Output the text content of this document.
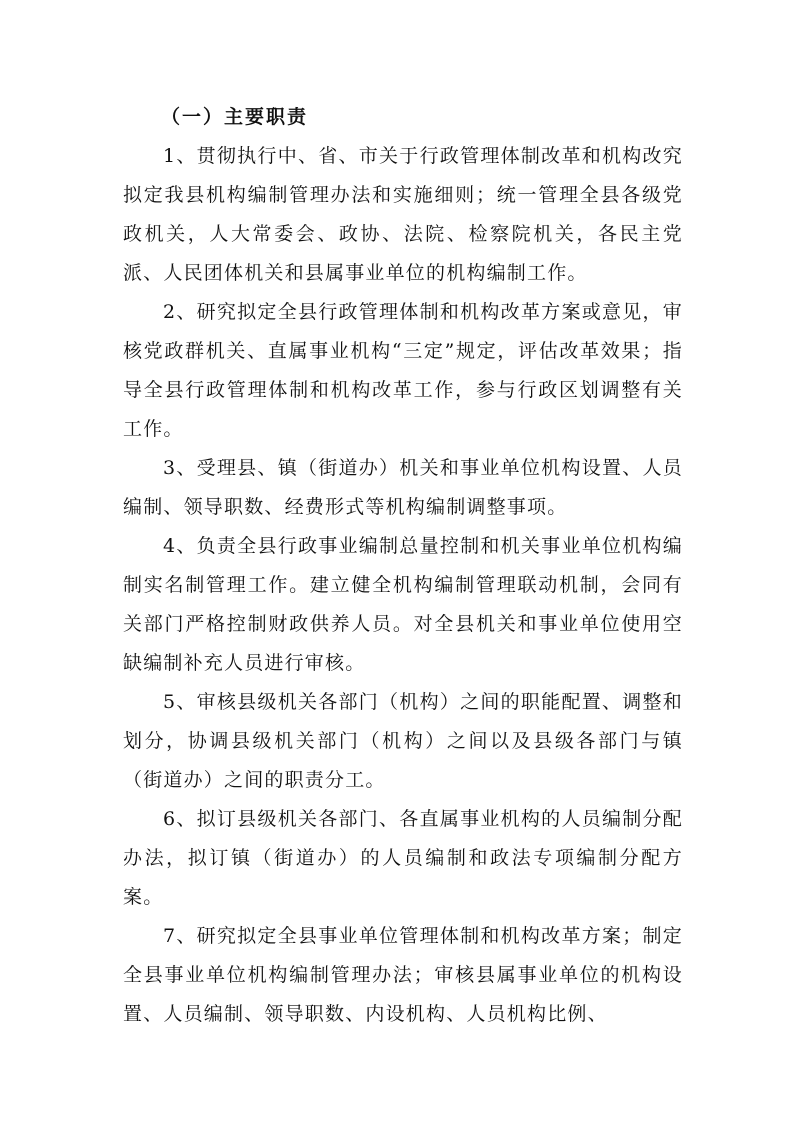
（一）主要职责

1、贯彻执行中、省、市关于行政管理体制改革和机构改究拟定我县机构编制管理办法和实施细则；统一管理全县各级党政机关，人大常委会、政协、法院、检察院机关，各民主党派、人民团体机关和县属事业单位的机构编制工作。

2、研究拟定全县行政管理体制和机构改革方案或意见，审核党政群机关、直属事业机构“三定”规定，评估改革效果；指导全县行政管理体制和机构改革工作，参与行政区划调整有关工作。

3、受理县、镇（街道办）机关和事业单位机构设置、人员编制、领导职数、经费形式等机构编制调整事项。

4、负责全县行政事业编制总量控制和机关事业单位机构编制实名制管理工作。建立健全机构编制管理联动机制，会同有关部门严格控制财政供养人员。对全县机关和事业单位使用空缺编制补充人员进行审核。

5、审核县级机关各部门（机构）之间的职能配置、调整和划分，协调县级机关部门（机构）之间以及县级各部门与镇（街道办）之间的职责分工。

6、拟订县级机关各部门、各直属事业机构的人员编制分配办法，拟订镇（街道办）的人员编制和政法专项编制分配方案。

7、研究拟定全县事业单位管理体制和机构改革方案；制定全县事业单位机构编制管理办法；审核县属事业单位的机构设置、人员编制、领导职数、内设机构、人员机构比例、
